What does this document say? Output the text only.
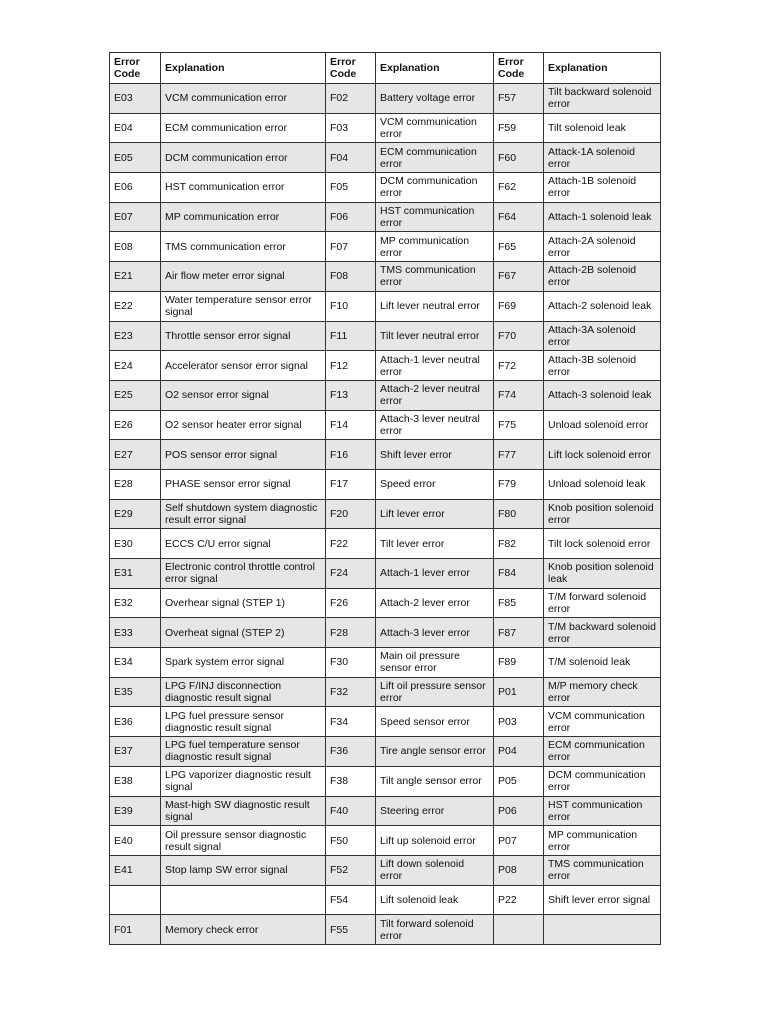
Error Code	Explanation	Error Code	Explanation	Error Code	Explanation
E03	VCM communication error	F02	Battery voltage error	F57	Tilt backward solenoid error
E04	ECM communication error	F03	VCM communication error	F59	Tilt solenoid leak
E05	DCM communication error	F04	ECM communication error	F60	Attack-1A solenoid error
E06	HST communication error	F05	DCM communication error	F62	Attach-1B solenoid error
E07	MP communication error	F06	HST communication error	F64	Attach-1 solenoid leak
E08	TMS communication error	F07	MP communication error	F65	Attach-2A solenoid error
E21	Air flow meter error signal	F08	TMS communication error	F67	Attach-2B solenoid error
E22	Water temperature sensor error signal	F10	Lift lever neutral error	F69	Attach-2 solenoid leak
E23	Throttle sensor error signal	F11	Tilt lever neutral error	F70	Attach-3A solenoid error
E24	Accelerator sensor error signal	F12	Attach-1 lever neutral error	F72	Attach-3B solenoid error
E25	O2 sensor error signal	F13	Attach-2 lever neutral error	F74	Attach-3 solenoid leak
E26	O2 sensor heater error signal	F14	Attach-3 lever neutral error	F75	Unload solenoid error
E27	POS sensor error signal	F16	Shift lever error	F77	Lift lock solenoid error
E28	PHASE sensor error signal	F17	Speed error	F79	Unload solenoid leak
E29	Self shutdown system diagnostic result error signal	F20	Lift lever error	F80	Knob position solenoid error
E30	ECCS C/U error signal	F22	Tilt lever error	F82	Tilt lock solenoid error
E31	Electronic control throttle control error signal	F24	Attach-1 lever error	F84	Knob position solenoid leak
E32	Overhear signal (STEP 1)	F26	Attach-2 lever error	F85	T/M forward solenoid error
E33	Overheat signal (STEP 2)	F28	Attach-3 lever error	F87	T/M backward solenoid error
E34	Spark system error signal	F30	Main oil pressure sensor error	F89	T/M solenoid leak
E35	LPG F/INJ disconnection diagnostic result signal	F32	Lift oil pressure sensor error	P01	M/P memory check error
E36	LPG fuel pressure sensor diagnostic result signal	F34	Speed sensor error	P03	VCM communication error
E37	LPG fuel temperature sensor diagnostic result signal	F36	Tire angle sensor error	P04	ECM communication error
E38	LPG vaporizer diagnostic result signal	F38	Tilt angle sensor error	P05	DCM communication error
E39	Mast-high SW diagnostic result signal	F40	Steering error	P06	HST communication error
E40	Oil pressure sensor diagnostic result signal	F50	Lift up solenoid error	P07	MP communication error
E41	Stop lamp SW error signal	F52	Lift down solenoid error	P08	TMS communication error
		F54	Lift solenoid leak	P22	Shift lever error signal
F01	Memory check error	F55	Tilt forward solenoid error		
